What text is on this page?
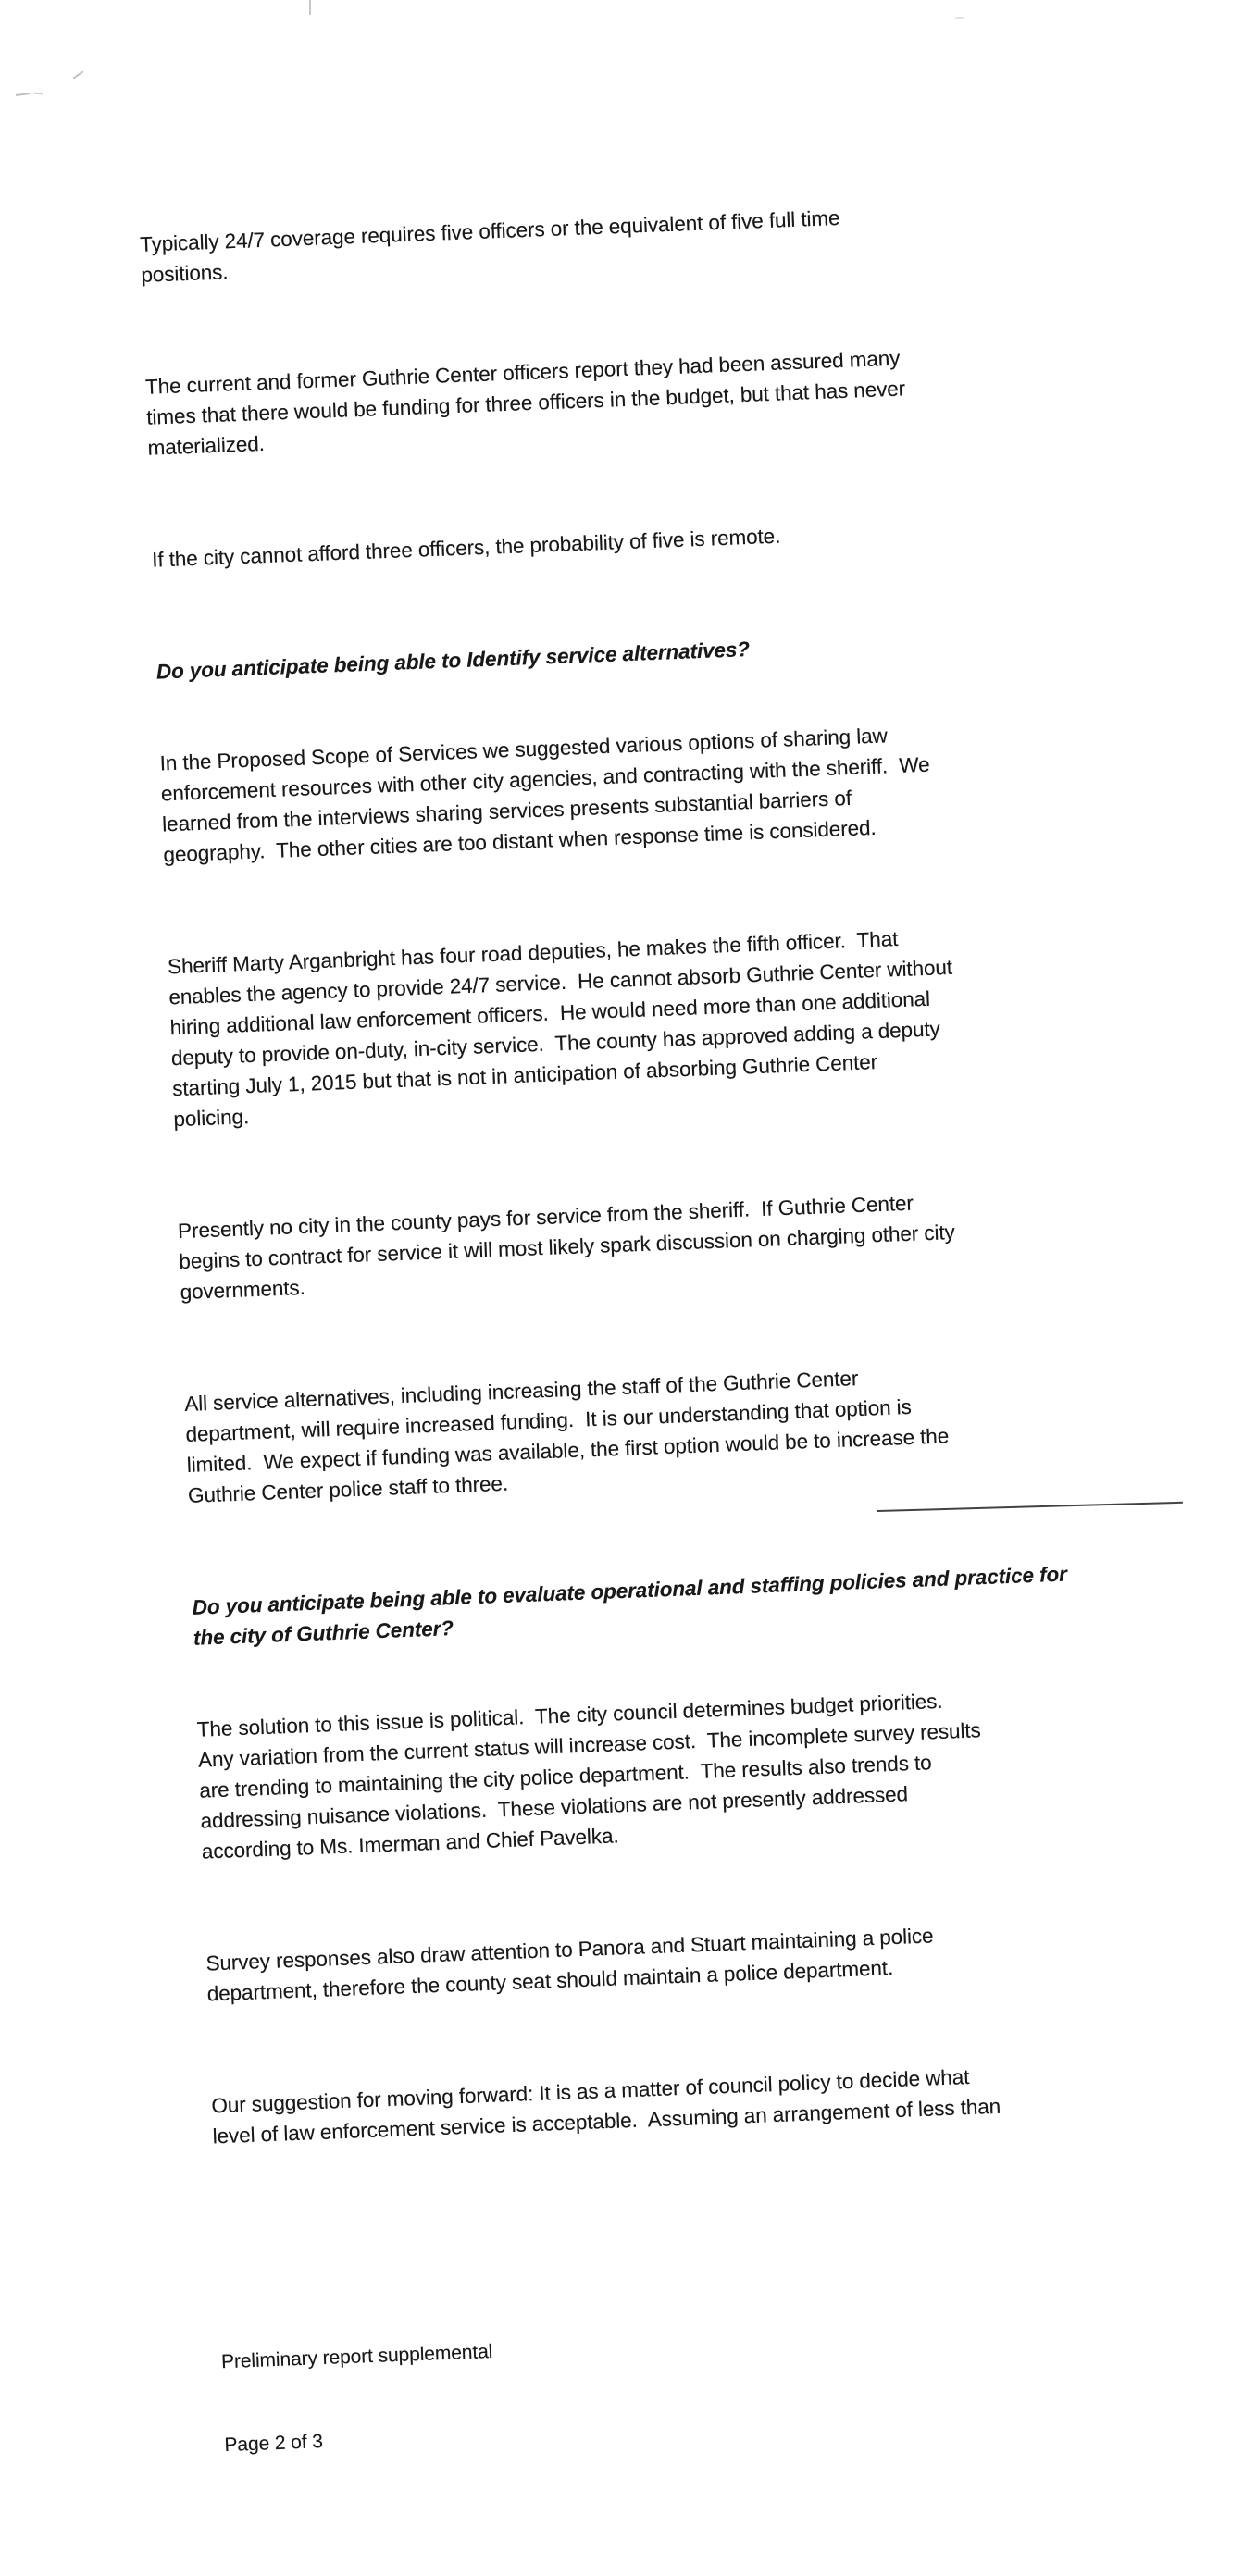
Typically 24/7 coverage requires five officers or the equivalent of five full time
positions.

The current and former Guthrie Center officers report they had been assured many
times that there would be funding for three officers in the budget, but that has never
materialized.

If the city cannot afford three officers, the probability of five is remote.

Do you anticipate being able to Identify service alternatives?

In the Proposed Scope of Services we suggested various options of sharing law
enforcement resources with other city agencies, and contracting with the sheriff.  We
learned from the interviews sharing services presents substantial barriers of
geography.  The other cities are too distant when response time is considered.

Sheriff Marty Arganbright has four road deputies, he makes the fifth officer.  That
enables the agency to provide 24/7 service.  He cannot absorb Guthrie Center without
hiring additional law enforcement officers.  He would need more than one additional
deputy to provide on-duty, in-city service.  The county has approved adding a deputy
starting July 1, 2015 but that is not in anticipation of absorbing Guthrie Center
policing.

Presently no city in the county pays for service from the sheriff.  If Guthrie Center
begins to contract for service it will most likely spark discussion on charging other city
governments.

All service alternatives, including increasing the staff of the Guthrie Center
department, will require increased funding.  It is our understanding that option is
limited.  We expect if funding was available, the first option would be to increase the
Guthrie Center police staff to three.

Do you anticipate being able to evaluate operational and staffing policies and practice for
the city of Guthrie Center?

The solution to this issue is political.  The city council determines budget priorities.
Any variation from the current status will increase cost.  The incomplete survey results
are trending to maintaining the city police department.  The results also trends to
addressing nuisance violations.  These violations are not presently addressed
according to Ms. Imerman and Chief Pavelka.

Survey responses also draw attention to Panora and Stuart maintaining a police
department, therefore the county seat should maintain a police department.

Our suggestion for moving forward: It is as a matter of council policy to decide what
level of law enforcement service is acceptable.  Assuming an arrangement of less than

Preliminary report supplemental

Page 2 of 3
